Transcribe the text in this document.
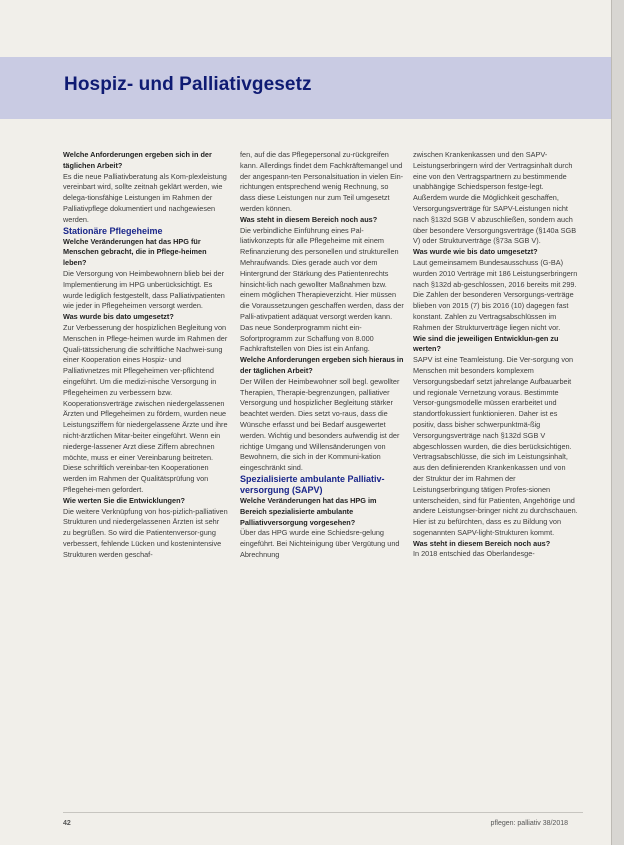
Hospiz- und Palliativgesetz

Welche Anforderungen ergeben sich in der täglichen Arbeit?

Es die neue Palliativberatung als Kom-plexleistung vereinbart wird, sollte zeitnah geklärt werden, wie delega-tionsfähige Leistungen im Rahmen der Palliativpflege dokumentiert und nachgewiesen werden.

Stationäre Pflegeheime

Welche Veränderungen hat das HPG für Menschen gebracht, die in Pflege-heimen leben?

Die Versorgung von Heimbewohnern blieb bei der Implementierung im HPG unberücksichtigt. Es wurde lediglich festgestellt, dass Palliativpatienten wie jeder in Pflegeheimen versorgt werden.

Was wurde bis dato umgesetzt?

Zur Verbesserung der hospizlichen Begleitung von Menschen in Pflege-heimen wurde im Rahmen der Quali-tätssicherung die schriftliche Nachwei-sung einer Kooperation eines Hospiz- und Palliativnetzes mit Pflegeheimen ver-pflichtend eingeführt. Um die medizi-nische Versorgung in Pflegeheimen zu verbessern bzw. Kooperationsverträge zwischen niedergelassenen Ärzten und Pflegeheimen zu fördern, wurden neue Leistungsziffern für niedergelassene Ärzte und ihre nicht-ärztlichen Mitar-beiter eingeführt. Wenn ein niederge-lassener Arzt diese Ziffern abrechnen möchte, muss er einer Vereinbarung beitreten. Diese schriftlich vereinbar-ten Kooperationen werden im Rahmen der Qualitätsprüfung von Pflegehei-men gefordert.

Wie werten Sie die Entwicklungen?

Die weitere Verknüpfung von hos-pizlich-palliativen Strukturen und niedergelassenen Ärzten ist sehr zu begrüßen. So wird die Patientenversor-gung verbessert, fehlende Lücken und kostenintensive Strukturen werden geschaf-

fen, auf die das Pflegepersonal zu-rückgreifen kann. Allerdings findet dem Fachkräftemangel und der angespann-ten Personalsituation in vielen Ein-richtungen entsprechend wenig Rechnung, so dass diese Leistungen nur zum Teil umgesetzt werden können.

Was steht in diesem Bereich noch aus?

Die verbindliche Einführung eines Pal-liativkonzepts für alle Pflegeheime mit einem Refinanzierung des personellen und strukturellen Mehraufwands. Dies gerade auch vor dem Hintergrund der Stärkung des Patientenrechts hinsicht-lich nach gewollter Maßnahmen bzw. einem möglichen Therapieverzicht. Hier müssen die Voraussetzungen geschaffen werden, dass der Palli-ativpatient adäquat versorgt werden kann. Das neue Sonderprogramm nicht ein-Sofortprogramm zur Schaffung von 8.000 Fachkraftstellen von Dies ist ein Anfang.

Welche Anforderungen ergeben sich hieraus in der täglichen Arbeit?

Der Willen der Heimbewohner soll begl. gewollter Therapien, Therapie-begrenzungen, palliativer Versorgung und hospizlicher Begleitung stärker beachtet werden. Dies setzt vo-raus, dass die Wünsche erfasst und bei Bedarf ausgewertet werden. Wichtig und besonders aufwendig ist der richtige Umgang und Willensänderungen von Bewohnern, die sich in der Kommuni-kation eingeschränkt sind.

Spezialisierte ambulante Palliativ-versorgung (SAPV)

Welche Veränderungen hat das HPG im Bereich spezialisierte ambulante Palliativversorgung vorgesehen?

Über das HPG wurde eine Schiedsre-gelung eingeführt. Bei Nichteinigung über Vergütung und Abrechnung

zwischen Krankenkassen und den SAPV-Leistungserbringern wird der Vertragsinhalt durch eine von den Vertragspartnern zu bestimmende unabhängige Schiedsperson festge-legt. Außerdem wurde die Möglichkeit geschaffen, Versorgungsverträge für SAPV-Leistungen nicht nach §132d SGB V abzuschließen, sondern auch über besondere Versorgungsverträge (§140a SGB V) oder Strukturverträge (§73a SGB V).

Was wurde wie bis dato umgesetzt?

Laut gemeinsamem Bundesausschuss (G-BA) wurden 2010 Verträge mit 186 Leistungserbringern nach §132d ab-geschlossen, 2016 bereits mit 299. Die Zahlen der besonderen Versorgungs-verträge blieben von 2015 (7) bis 2016 (10) dagegen fast konstant. Zahlen zu Vertragsabschlüssen im Rahmen der Strukturverträge liegen nicht vor.

Wie sind die jeweiligen Entwicklun-gen zu werten?

SAPV ist eine Teamleistung. Die Ver-sorgung von Menschen mit besonders komplexem Versorgungsbedarf setzt jahrelange Aufbauarbeit und regionale Vernetzung voraus. Bestimmte Versor-gungsmodelle müssen erarbeitet und standortfokussiert funktionieren. Daher ist es positiv, dass bisher schwerpunktmä-ßig Versorgungsverträge nach §132d SGB V abgeschlossen wurden, die dies berücksichtigen. Vertragsabschlüsse, die sich im Leistungsinhalt, aus den definierenden Krankenkassen und von der Struktur der im Rahmen der Leistungserbringung tätigen Profes-sionen unterscheiden, sind für Patienten, Angehörige und andere Leistungser-bringer nicht zu durchschauen. Hier ist zu befürchten, dass es zu Bildung von sogenannten SAPV-light-Strukturen kommt.

Was steht in diesem Bereich noch aus?

In 2018 entschied das Oberlandesge-

42	pflegen: palliativ 38/2018
